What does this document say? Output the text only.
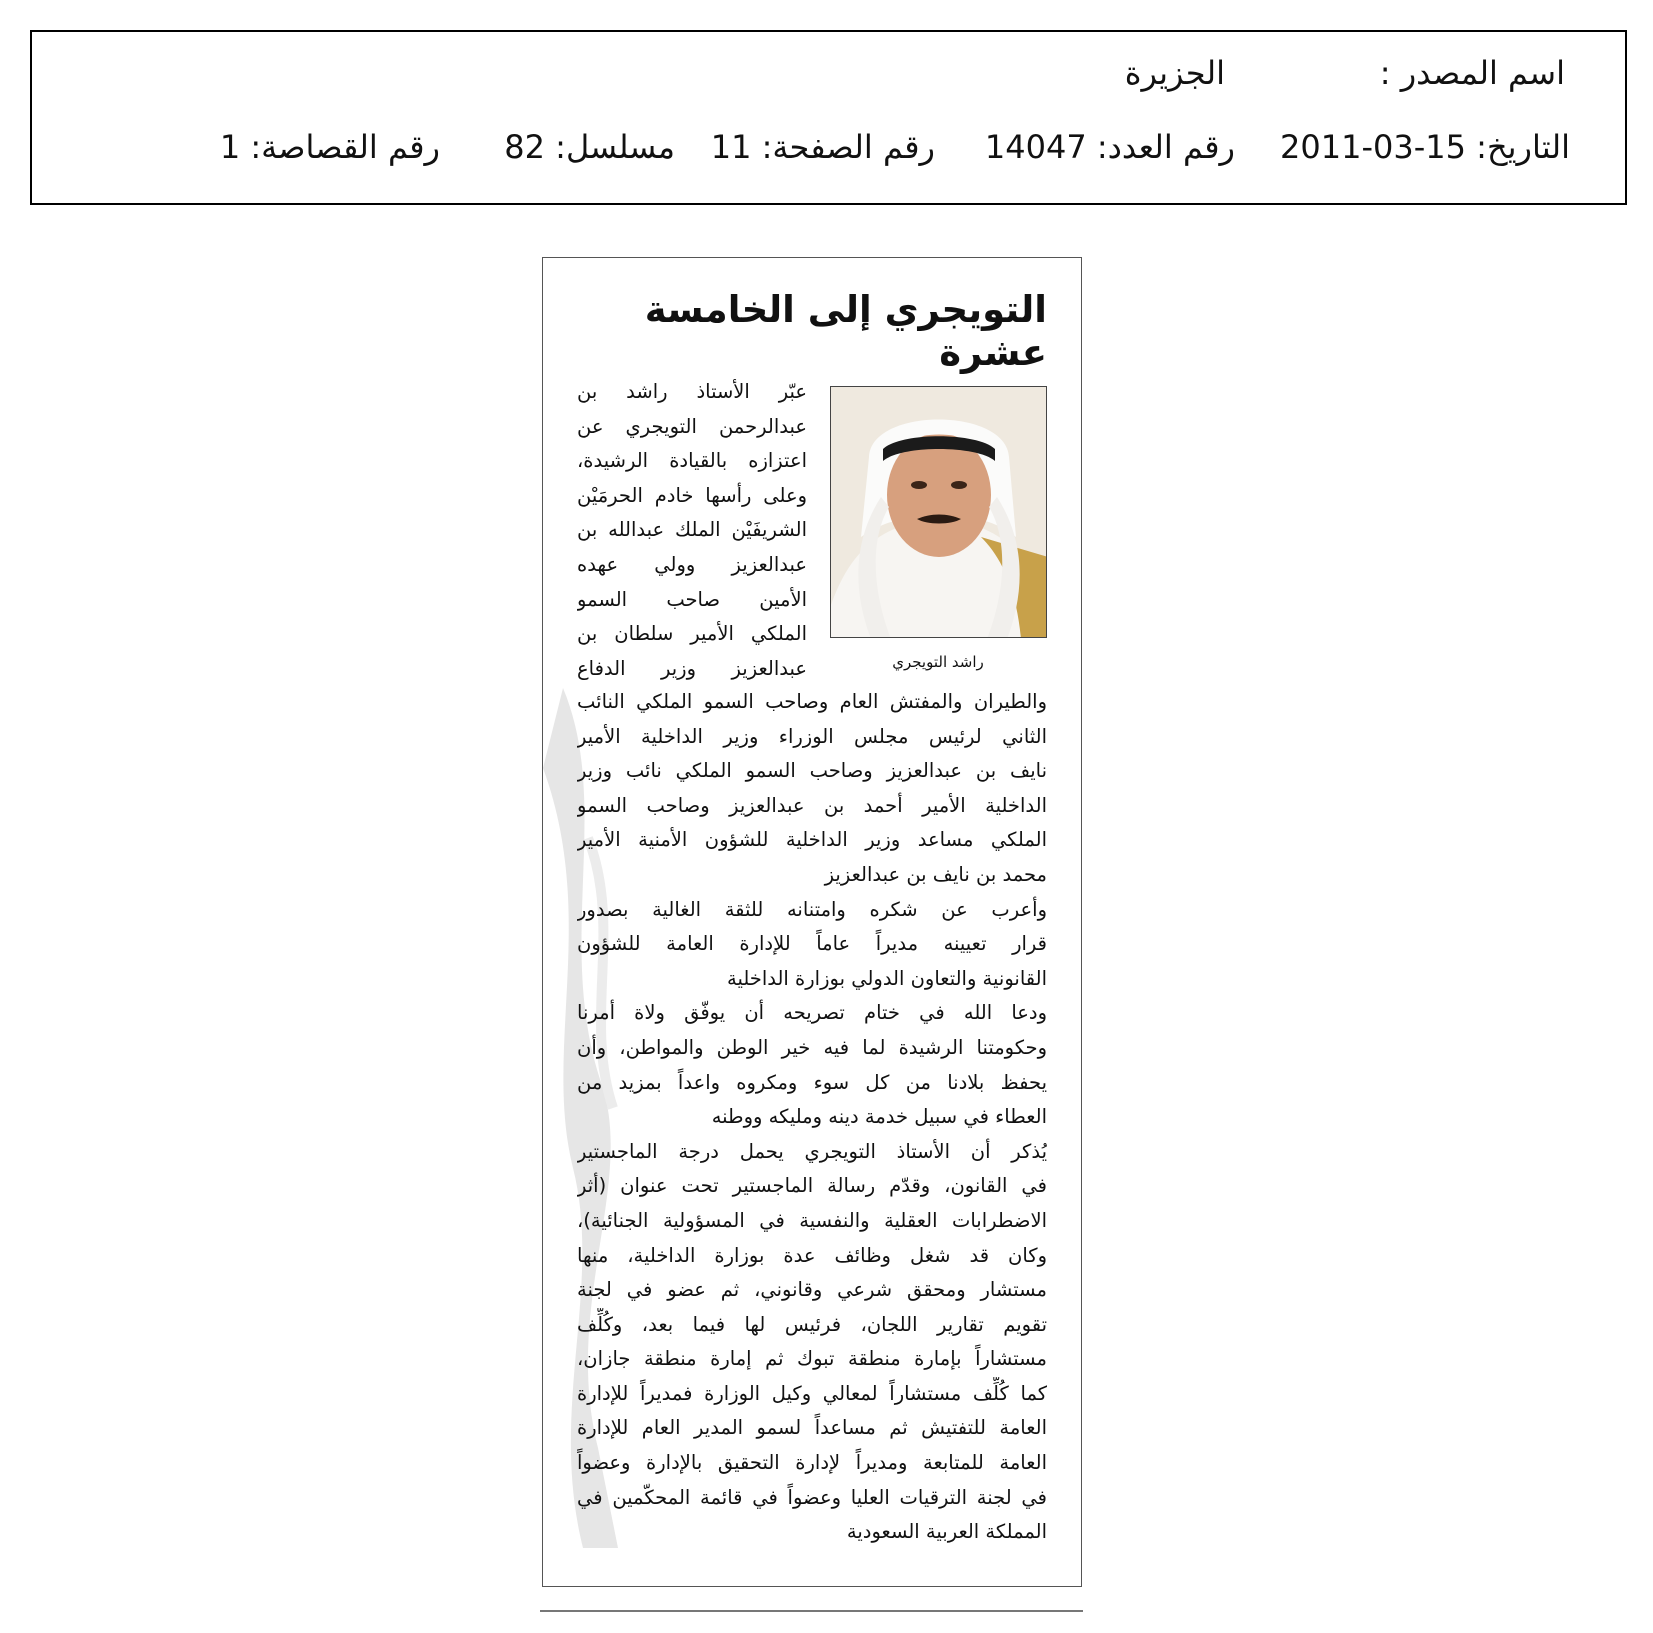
اسم المصدر :
الجزيرة
التاريخ: 15-03-2011
رقم العدد: 14047
رقم الصفحة: 11
مسلسل: 82
رقم القصاصة: 1
التويجري إلى الخامسة عشرة
راشد التويجري
عبّر الأستاذ راشد بن
عبدالرحمن التويجري عن
اعتزازه بالقيادة الرشيدة،
وعلى رأسها خادم الحرمَيْن
الشريفَيْن الملك عبدالله بن
عبدالعزيز وولي عهده
الأمين صاحب السمو
الملكي الأمير سلطان بن
عبدالعزيز وزير الدفاع
والطيران والمفتش العام وصاحب السمو الملكي النائب
الثاني لرئيس مجلس الوزراء وزير الداخلية الأمير
نايف بن عبدالعزيز وصاحب السمو الملكي نائب وزير
الداخلية الأمير أحمد بن عبدالعزيز وصاحب السمو
الملكي مساعد وزير الداخلية للشؤون الأمنية الأمير
محمد بن نايف بن عبدالعزيز
وأعرب عن شكره وامتنانه للثقة الغالية بصدور
قرار تعيينه مديراً عاماً للإدارة العامة للشؤون
القانونية والتعاون الدولي بوزارة الداخلية
ودعا الله في ختام تصريحه أن يوفّق ولاة أمرنا
وحكومتنا الرشيدة لما فيه خير الوطن والمواطن، وأن
يحفظ بلادنا من كل سوء ومكروه واعداً بمزيد من
العطاء في سبيل خدمة دينه ومليكه ووطنه
يُذكر أن الأستاذ التويجري يحمل درجة الماجستير
في القانون، وقدّم رسالة الماجستير تحت عنوان (أثر
الاضطرابات العقلية والنفسية في المسؤولية الجنائية)،
وكان قد شغل وظائف عدة بوزارة الداخلية، منها
مستشار ومحقق شرعي وقانوني، ثم عضو في لجنة
تقويم تقارير اللجان، فرئيس لها فيما بعد، وكُلِّف
مستشاراً بإمارة منطقة تبوك ثم إمارة منطقة جازان،
كما كُلِّف مستشاراً لمعالي وكيل الوزارة فمديراً للإدارة
العامة للتفتيش ثم مساعداً لسمو المدير العام للإدارة
العامة للمتابعة ومديراً لإدارة التحقيق بالإدارة وعضواً
في لجنة الترقيات العليا وعضواً في قائمة المحكّمين في
المملكة العربية السعودية
